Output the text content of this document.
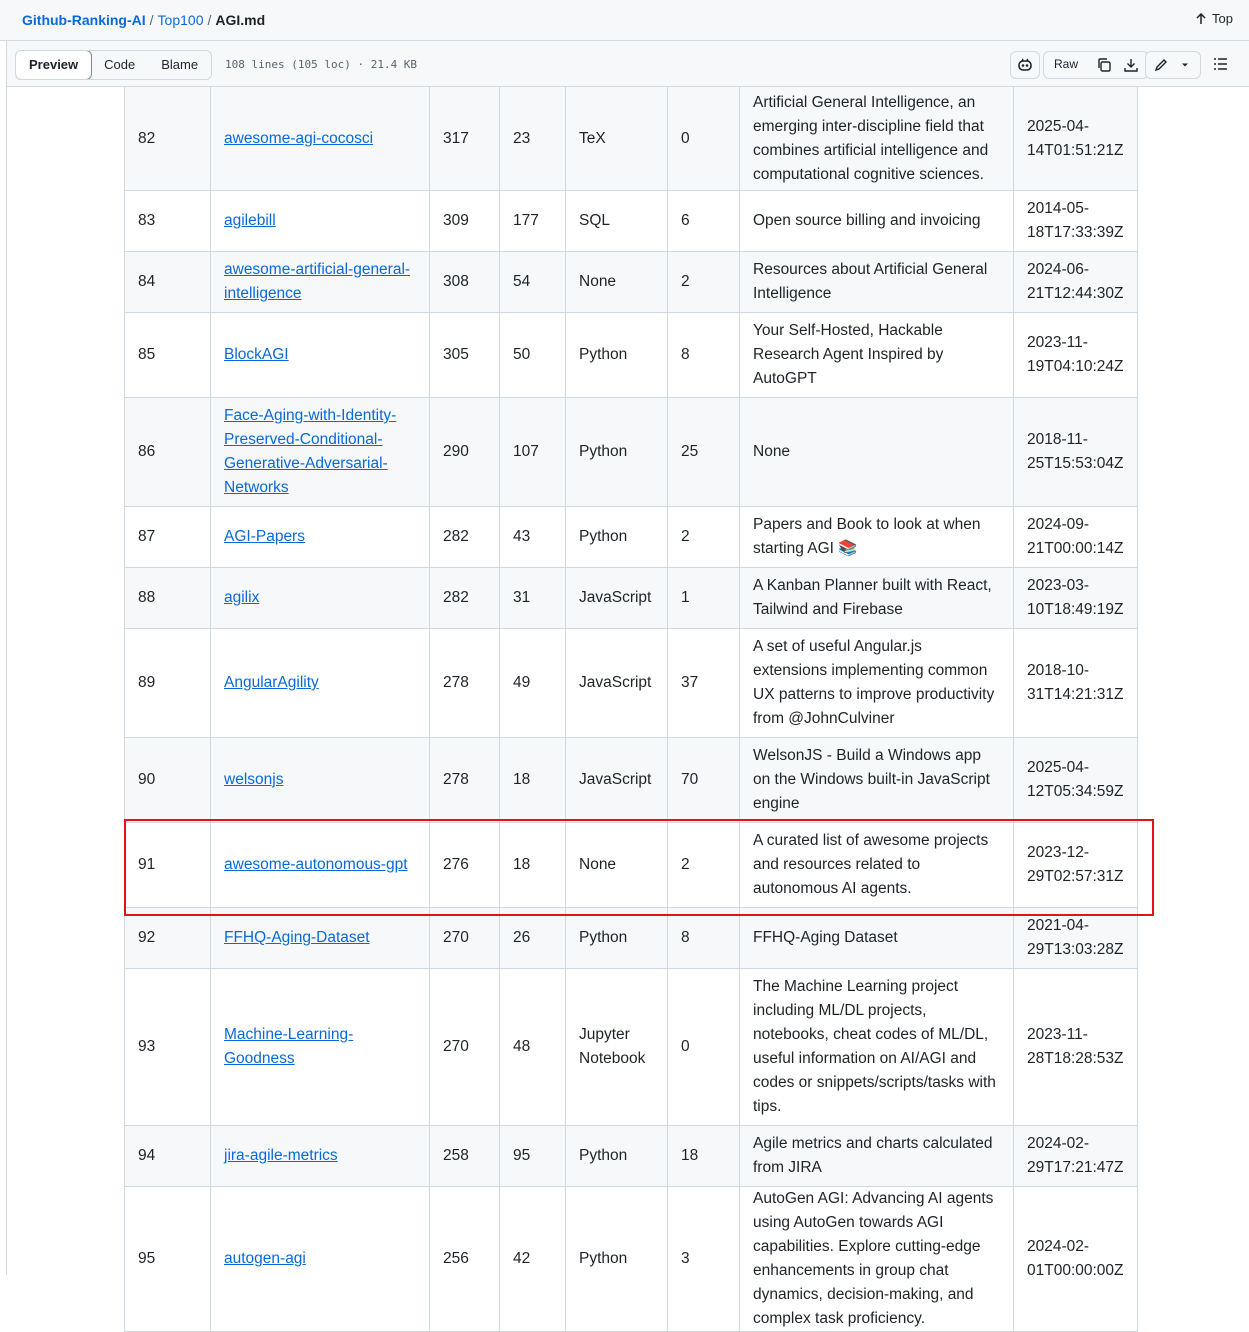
Github-Ranking-AI / Top100 / AGI.md	Top
Preview	Code	Blame	108 lines (105 loc) · 21.4 KB	Raw
82	awesome-agi-cocosci	317	23	TeX	0	Artificial General Intelligence, an emerging inter-discipline field that combines artificial intelligence and computational cognitive sciences.	2025-04-14T01:51:21Z
83	agilebill	309	177	SQL	6	Open source billing and invoicing	2014-05-18T17:33:39Z
84	awesome-artificial-general-intelligence	308	54	None	2	Resources about Artificial General Intelligence	2024-06-21T12:44:30Z
85	BlockAGI	305	50	Python	8	Your Self-Hosted, Hackable Research Agent Inspired by AutoGPT	2023-11-19T04:10:24Z
86	Face-Aging-with-Identity-Preserved-Conditional-Generative-Adversarial-Networks	290	107	Python	25	None	2018-11-25T15:53:04Z
87	AGI-Papers	282	43	Python	2	Papers and Book to look at when starting AGI 📚	2024-09-21T00:00:14Z
88	agilix	282	31	JavaScript	1	A Kanban Planner built with React, Tailwind and Firebase	2023-03-10T18:49:19Z
89	AngularAgility	278	49	JavaScript	37	A set of useful Angular.js extensions implementing common UX patterns to improve productivity from @JohnCulviner	2018-10-31T14:21:31Z
90	welsonjs	278	18	JavaScript	70	WelsonJS - Build a Windows app on the Windows built-in JavaScript engine	2025-04-12T05:34:59Z
91	awesome-autonomous-gpt	276	18	None	2	A curated list of awesome projects and resources related to autonomous AI agents.	2023-12-29T02:57:31Z
92	FFHQ-Aging-Dataset	270	26	Python	8	FFHQ-Aging Dataset	2021-04-29T13:03:28Z
93	Machine-Learning-Goodness	270	48	Jupyter Notebook	0	The Machine Learning project including ML/DL projects, notebooks, cheat codes of ML/DL, useful information on AI/AGI and codes or snippets/scripts/tasks with tips.	2023-11-28T18:28:53Z
94	jira-agile-metrics	258	95	Python	18	Agile metrics and charts calculated from JIRA	2024-02-29T17:21:47Z
95	autogen-agi	256	42	Python	3	AutoGen AGI: Advancing AI agents using AutoGen towards AGI capabilities. Explore cutting-edge enhancements in group chat dynamics, decision-making, and complex task proficiency.	2024-02-01T00:00:00Z
